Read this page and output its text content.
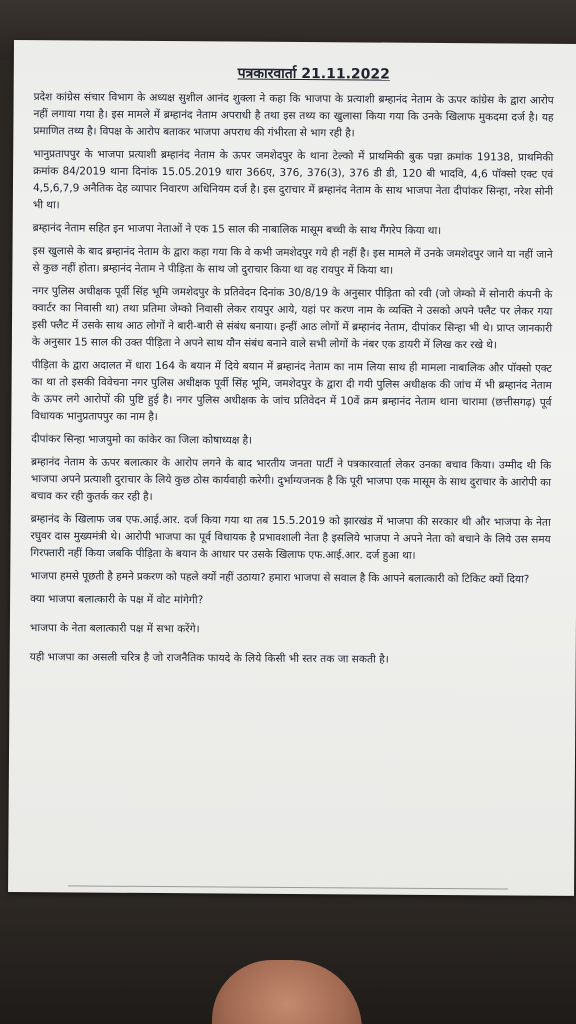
पत्रकारवार्ता 21.11.2022

प्रदेश कांग्रेस संचार विभाग के अध्यक्ष सुशील आनंद शुक्ला ने कहा कि भाजपा के प्रत्याशी ब्रम्हानंद नेताम के ऊपर कांग्रेस के द्वारा आरोप नहीं लगाया गया है। इस मामले में ब्रम्हानंद नेताम अपराधी है तथा इस तथ्य का खुलासा किया गया कि उनके खिलाफ मुकदमा दर्ज है। यह प्रमाणित तथ्य है। विपक्ष के आरोप बताकर भाजपा अपराध की गंभीरता से भाग रही है।

भानुप्रतापपुर के भाजपा प्रत्याशी ब्रम्हानंद नेताम के ऊपर जमशेदपुर के थाना टेल्को में प्राथमिकी बुक पन्ना क्रमांक 19138, प्राथमिकी क्रमांक 84/2019 थाना दिनांक 15.05.2019 धारा 366ए, 376, 376(3), 376 डी डी, 120 बी भादवि, 4,6 पॉक्सो एक्ट एवं 4,5,6,7,9 अनैतिक देह व्यापार निवारण अधिनियम दर्ज है। इस दुराचार में ब्रम्हानंद नेताम के साथ भाजपा नेता दीपांकर सिन्हा, नरेश सोनी भी था।

ब्रम्हानंद नेताम सहित इन भाजपा नेताओं ने एक 15 साल की नाबालिक मासूम बच्ची के साथ गैंगरेप किया था।

इस खुलासे के बाद ब्रम्हानंद नेताम के द्वारा कहा गया कि वे कभी जमशेदपुर गये ही नहीं है। इस मामले में उनके जमशेदपुर जाने या नहीं जाने से कुछ नहीं होता। ब्रम्हानंद नेताम ने पीड़िता के साथ जो दुराचार किया था वह रायपुर में किया था।

नगर पुलिस अधीक्षक पूर्वी सिंह भूमि जमशेदपुर के प्रतिवेदन दिनांक 30/8/19 के अनुसार पीड़िता को रवी (जो जेम्को में सोनारी कंपनी के क्वार्टर का निवासी था) तथा प्रतिमा जेम्को निवासी लेकर रायपुर आये, यहां पर करण नाम के व्यक्ति ने उसको अपने फ्लैट पर लेकर गया इसी फ्लैट में उसके साथ आठ लोगों ने बारी-बारी से संबंध बनाया। इन्हीं आठ लोगों में ब्रम्हानंद नेताम, दीपांकर सिन्हा भी थे। प्राप्त जानकारी के अनुसार 15 साल की उक्त पीड़िता ने अपने साथ यौन संबंध बनाने वाले सभी लोगों के नंबर एक डायरी में लिख कर रखे थे।

पीड़िता के द्वारा अदालत में धारा 164 के बयान में दिये बयान में ब्रम्हानंद नेताम का नाम लिया साथ ही मामला नाबालिक और पॉक्सो एक्ट का था तो इसकी विवेचना नगर पुलिस अधीक्षक पूर्वी सिंह भूमि, जमशेदपुर के द्वारा दी गयी पुलिस अधीक्षक की जांच में भी ब्रम्हानंद नेताम के ऊपर लगे आरोपों की पुष्टि हुई है। नगर पुलिस अधीक्षक के जांच प्रतिवेदन में 10वें क्रम ब्रम्हानंद नेताम थाना चारामा (छत्तीसगढ़) पूर्व विधायक भानुप्रतापपुर का नाम है।

दीपांकर सिन्हा भाजयुमो का कांकेर का जिला कोषाध्यक्ष है।

ब्रम्हानंद नेताम के ऊपर बलात्कार के आरोप लगने के बाद भारतीय जनता पार्टी ने पत्रकारवार्ता लेकर उनका बचाव किया। उम्मीद थी कि भाजपा अपने प्रत्याशी दुराचार के लिये कुछ ठोस कार्यवाही करेगी। दुर्भाग्यजनक है कि पूरी भाजपा एक मासूम के साथ दुराचार के आरोपी का बचाव कर रही कुतर्क कर रही है।

ब्रम्हानंद के खिलाफ जब एफ.आई.आर. दर्ज किया गया था तब 15.5.2019 को झारखंड में भाजपा की सरकार थी और भाजपा के नेता रघुवर दास मुख्यमंत्री थे। आरोपी भाजपा का पूर्व विधायक है प्रभावशाली नेता है इसलिये भाजपा ने अपने नेता को बचाने के लिये उस समय गिरफ्तारी नहीं किया जबकि पीड़िता के बयान के आधार पर उसके खिलाफ एफ.आई.आर. दर्ज हुआ था।

भाजपा हमसे पूछती है हमने प्रकरण को पहले क्यों नहीं उठाया? हमारा भाजपा से सवाल है कि आपने बलात्कारी को टिकिट क्यों दिया?

क्या भाजपा बलात्कारी के पक्ष में वोट मांगेगी?

भाजपा के नेता बलात्कारी पक्ष में सभा करेंगे।

यही भाजपा का असली चरित्र है जो राजनैतिक फायदे के लिये किसी भी स्तर तक जा सकती है।
